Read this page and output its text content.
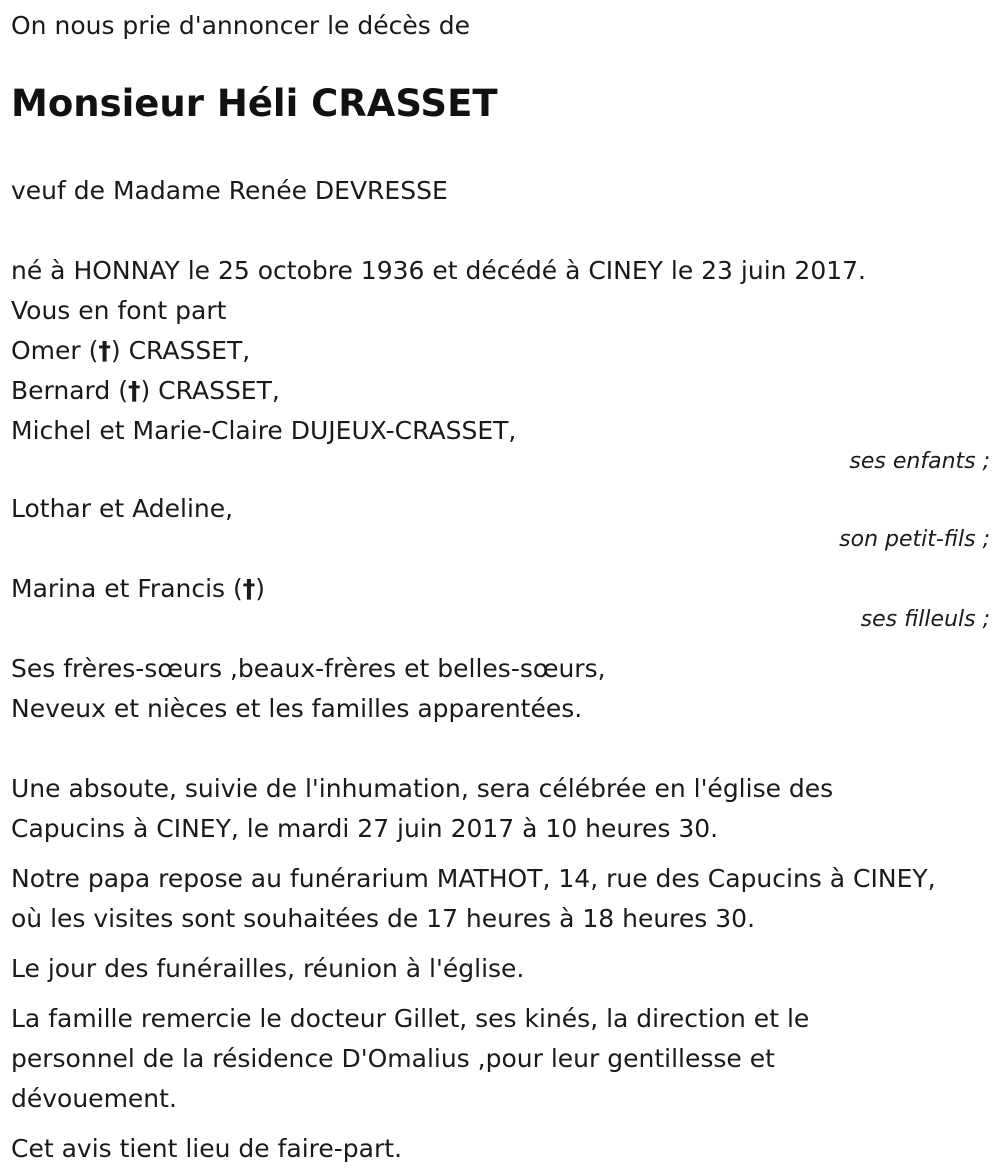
On nous prie d'annoncer le décès de
Monsieur Héli CRASSET
veuf de Madame Renée DEVRESSE
né à HONNAY le 25 octobre 1936 et décédé à CINEY le 23 juin 2017.
Vous en font part
Omer (†) CRASSET,
Bernard (†) CRASSET,
Michel et Marie-Claire DUJEUX-CRASSET,
ses enfants ;
Lothar et Adeline,
son petit-fils ;
Marina et Francis (†)
ses filleuls ;
Ses frères-sœurs ,beaux-frères et belles-sœurs,
Neveux et nièces et les familles apparentées.
Une absoute, suivie de l'inhumation, sera célébrée en l'église des
Capucins à CINEY, le mardi 27 juin 2017 à 10 heures 30.
Notre papa repose au funérarium MATHOT, 14, rue des Capucins à CINEY,
où les visites sont souhaitées de 17 heures à 18 heures 30.
Le jour des funérailles, réunion à l'église.
La famille remercie le docteur Gillet, ses kinés, la direction et le
personnel de la résidence D'Omalius ,pour leur gentillesse et
dévouement.
Cet avis tient lieu de faire-part.
